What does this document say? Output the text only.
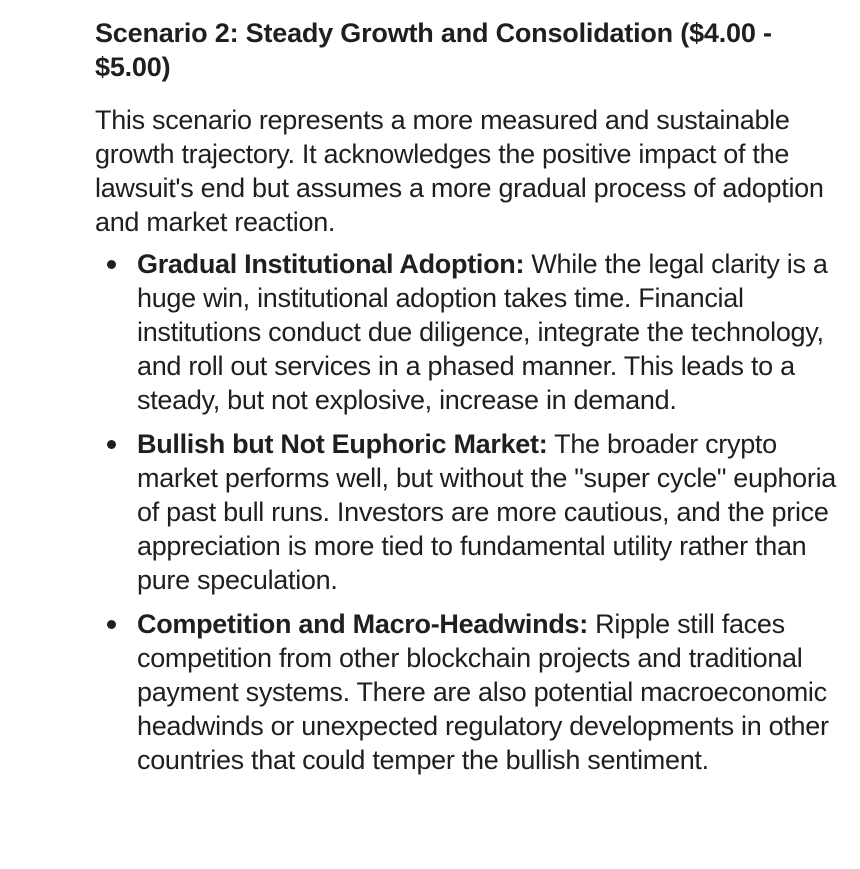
Scenario 2: Steady Growth and Consolidation ($4.00 - $5.00)

This scenario represents a more measured and sustainable growth trajectory. It acknowledges the positive impact of the lawsuit's end but assumes a more gradual process of adoption and market reaction.

Gradual Institutional Adoption: While the legal clarity is a huge win, institutional adoption takes time. Financial institutions conduct due diligence, integrate the technology, and roll out services in a phased manner. This leads to a steady, but not explosive, increase in demand.
Bullish but Not Euphoric Market: The broader crypto market performs well, but without the "super cycle" euphoria of past bull runs. Investors are more cautious, and the price appreciation is more tied to fundamental utility rather than pure speculation.
Competition and Macro-Headwinds: Ripple still faces competition from other blockchain projects and traditional payment systems. There are also potential macroeconomic headwinds or unexpected regulatory developments in other countries that could temper the bullish sentiment.
